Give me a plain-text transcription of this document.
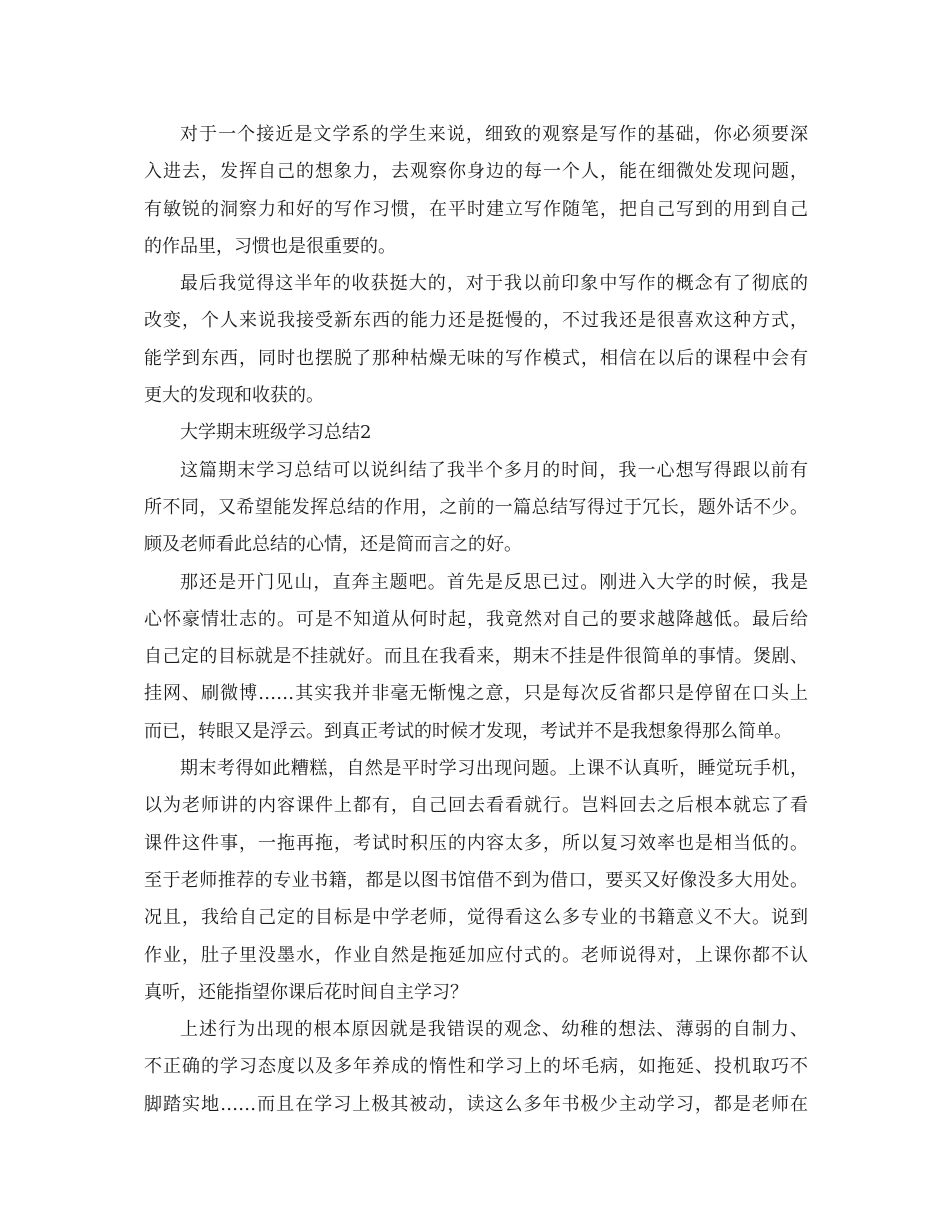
对于一个接近是文学系的学生来说，细致的观察是写作的基础，你必须要深
入进去，发挥自己的想象力，去观察你身边的每一个人，能在细微处发现问题，
有敏锐的洞察力和好的写作习惯，在平时建立写作随笔，把自己写到的用到自己
的作品里，习惯也是很重要的。

最后我觉得这半年的收获挺大的，对于我以前印象中写作的概念有了彻底的
改变，个人来说我接受新东西的能力还是挺慢的，不过我还是很喜欢这种方式，
能学到东西，同时也摆脱了那种枯燥无味的写作模式，相信在以后的课程中会有
更大的发现和收获的。

大学期末班级学习总结2

这篇期末学习总结可以说纠结了我半个多月的时间，我一心想写得跟以前有
所不同，又希望能发挥总结的作用，之前的一篇总结写得过于冗长，题外话不少。
顾及老师看此总结的心情，还是简而言之的好。

那还是开门见山，直奔主题吧。首先是反思已过。刚进入大学的时候，我是
心怀豪情壮志的。可是不知道从何时起，我竟然对自己的要求越降越低。最后给
自己定的目标就是不挂就好。而且在我看来，期末不挂是件很简单的事情。煲剧、
挂网、刷微博……其实我并非毫无惭愧之意，只是每次反省都只是停留在口头上
而已，转眼又是浮云。到真正考试的时候才发现，考试并不是我想象得那么简单。

期末考得如此糟糕，自然是平时学习出现问题。上课不认真听，睡觉玩手机，
以为老师讲的内容课件上都有，自己回去看看就行。岂料回去之后根本就忘了看
课件这件事，一拖再拖，考试时积压的内容太多，所以复习效率也是相当低的。
至于老师推荐的专业书籍，都是以图书馆借不到为借口，要买又好像没多大用处。
况且，我给自己定的目标是中学老师，觉得看这么多专业的书籍意义不大。说到
作业，肚子里没墨水，作业自然是拖延加应付式的。老师说得对，上课你都不认
真听，还能指望你课后花时间自主学习？

上述行为出现的根本原因就是我错误的观念、幼稚的想法、薄弱的自制力、
不正确的学习态度以及多年养成的惰性和学习上的坏毛病，如拖延、投机取巧不
脚踏实地……而且在学习上极其被动，读这么多年书极少主动学习，都是老师在
